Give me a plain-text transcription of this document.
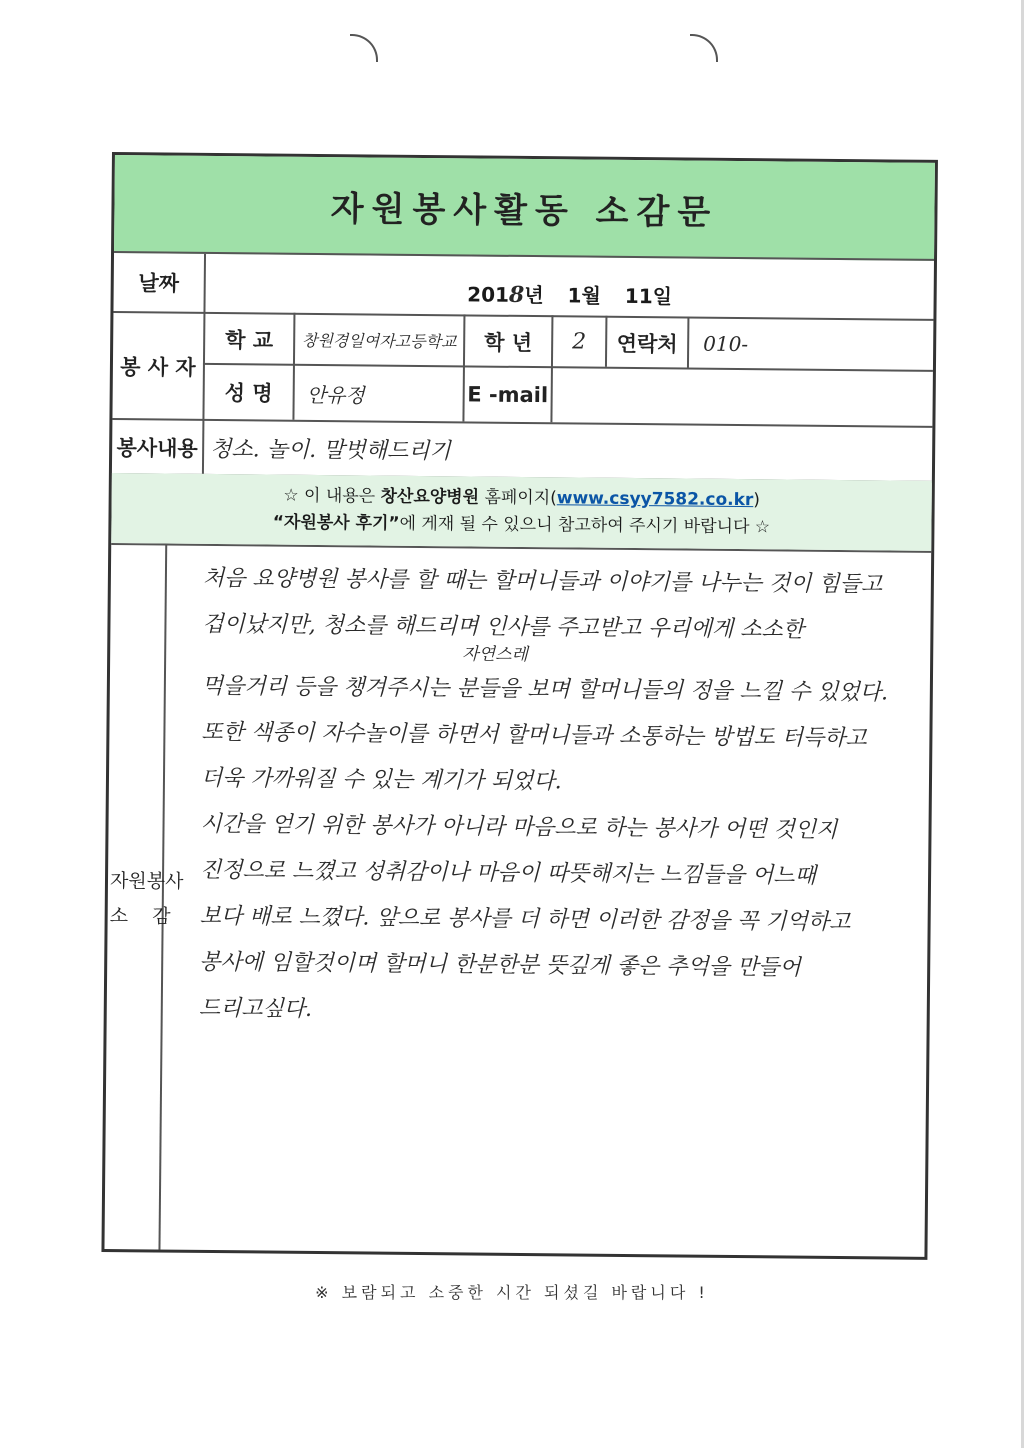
자원봉사활동 소감문
날짜	2018년 1월 11일
봉 사 자
학 교 창원경일여자고등학교 학 년 2 연락처 010-
성 명 안유정	E -mail
봉사내용 청소. 놀이. 말벗해드리기
☆ 이 내용은 창산요양병원 홈페이지(www.csyy7582.co.kr)
“자원봉사 후기”에 게재 될 수 있으니 참고하여 주시기 바랍니다 ☆
자원봉사
소    감

처음 요양병원 봉사를 할 때는 할머니들과 이야기를 나누는 것이 힘들고

겁이났지만, 청소를 해드리며 인사를 주고받고 우리에게 소소한

자연스레

먹을거리 등을 챙겨주시는 분들을 보며 할머니들의 정을 느낄 수 있었다.

또한 색종이 자수놀이를 하면서 할머니들과 소통하는 방법도 터득하고

더욱 가까워질 수 있는 계기가 되었다.

시간을 얻기 위한 봉사가 아니라 마음으로 하는 봉사가 어떤 것인지

진정으로 느꼈고 성취감이나 마음이 따뜻해지는 느낌들을 어느때

보다 배로 느꼈다. 앞으로 봉사를 더 하면 이러한 감정을 꼭 기억하고

봉사에 임할것이며 할머니 한분한분 뜻깊게 좋은 추억을 만들어

드리고싶다.

※ 보람되고 소중한 시간 되셨길 바랍니다 !
